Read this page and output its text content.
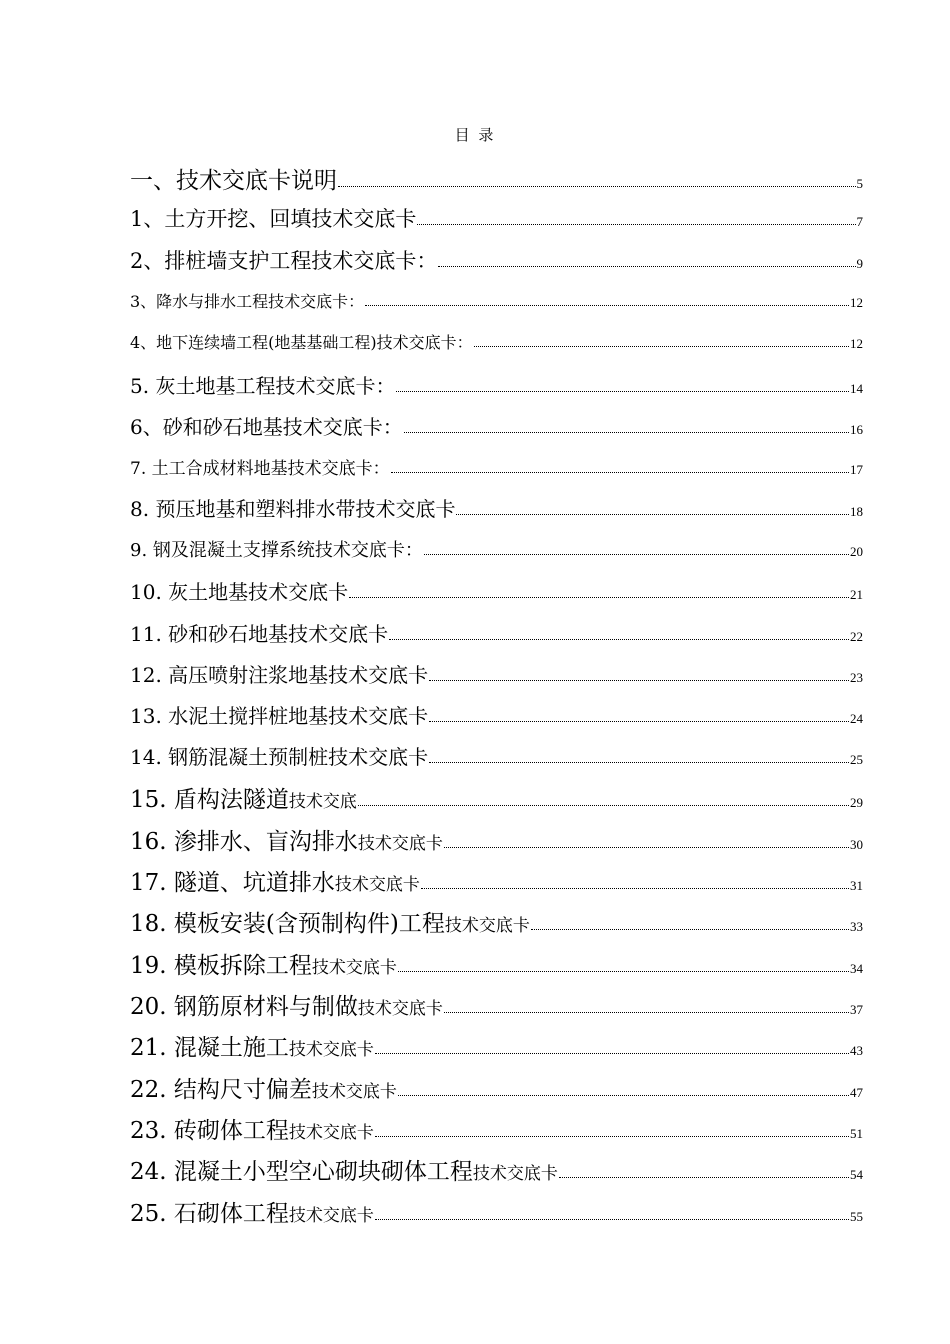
目 录
一、技术交底卡说明	5
1、土方开挖、回填技术交底卡	7
2、排桩墙支护工程技术交底卡：	9
3、降水与排水工程技术交底卡：	12
4、地下连续墙工程(地基基础工程)技术交底卡：	12
5. 灰土地基工程技术交底卡：	14
6、砂和砂石地基技术交底卡：	16
7. 土工合成材料地基技术交底卡：	17
8. 预压地基和塑料排水带技术交底卡	18
9. 钢及混凝土支撑系统技术交底卡：	20
10. 灰土地基技术交底卡	21
11. 砂和砂石地基技术交底卡	22
12. 高压喷射注浆地基技术交底卡	23
13. 水泥土搅拌桩地基技术交底卡	24
14. 钢筋混凝土预制桩技术交底卡	25
15. 盾构法隧道 技术交底	29
16. 渗排水、盲沟排水 技术交底卡	30
17. 隧道、坑道排水 技术交底卡	31
18. 模板安装(含预制构件)工程 技术交底卡	33
19. 模板拆除工程 技术交底卡	34
20. 钢筋原材料与制做 技术交底卡	37
21. 混凝土施工 技术交底卡	43
22. 结构尺寸偏差 技术交底卡	47
23. 砖砌体工程 技术交底卡	51
24. 混凝土小型空心砌块砌体工程 技术交底卡	54
25. 石砌体工程 技术交底卡	55
